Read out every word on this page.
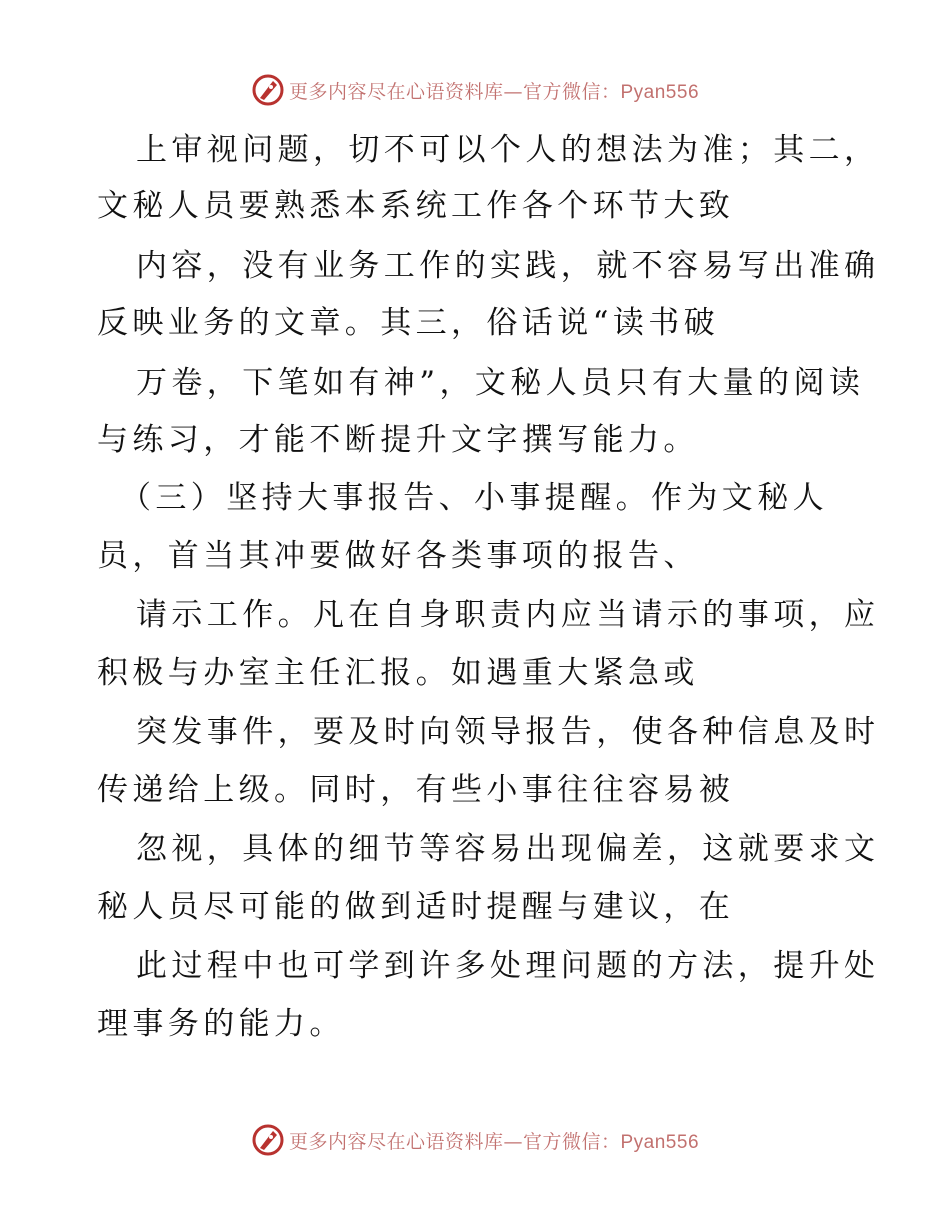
更多内容尽在心语资料库—官方微信：Pyan556
上审视问题，切不可以个人的想法为准；其二，
文秘人员要熟悉本系统工作各个环节大致
内容，没有业务工作的实践，就不容易写出准确
反映业务的文章。其三，俗话说“读书破
万卷，下笔如有神”，文秘人员只有大量的阅读
与练习，才能不断提升文字撰写能力。
（三）坚持大事报告、小事提醒。作为文秘人
员，首当其冲要做好各类事项的报告、
请示工作。凡在自身职责内应当请示的事项，应
积极与办室主任汇报。如遇重大紧急或
突发事件，要及时向领导报告，使各种信息及时
传递给上级。同时，有些小事往往容易被
忽视，具体的细节等容易出现偏差，这就要求文
秘人员尽可能的做到适时提醒与建议，在
此过程中也可学到许多处理问题的方法，提升处
理事务的能力。
更多内容尽在心语资料库—官方微信：Pyan556
